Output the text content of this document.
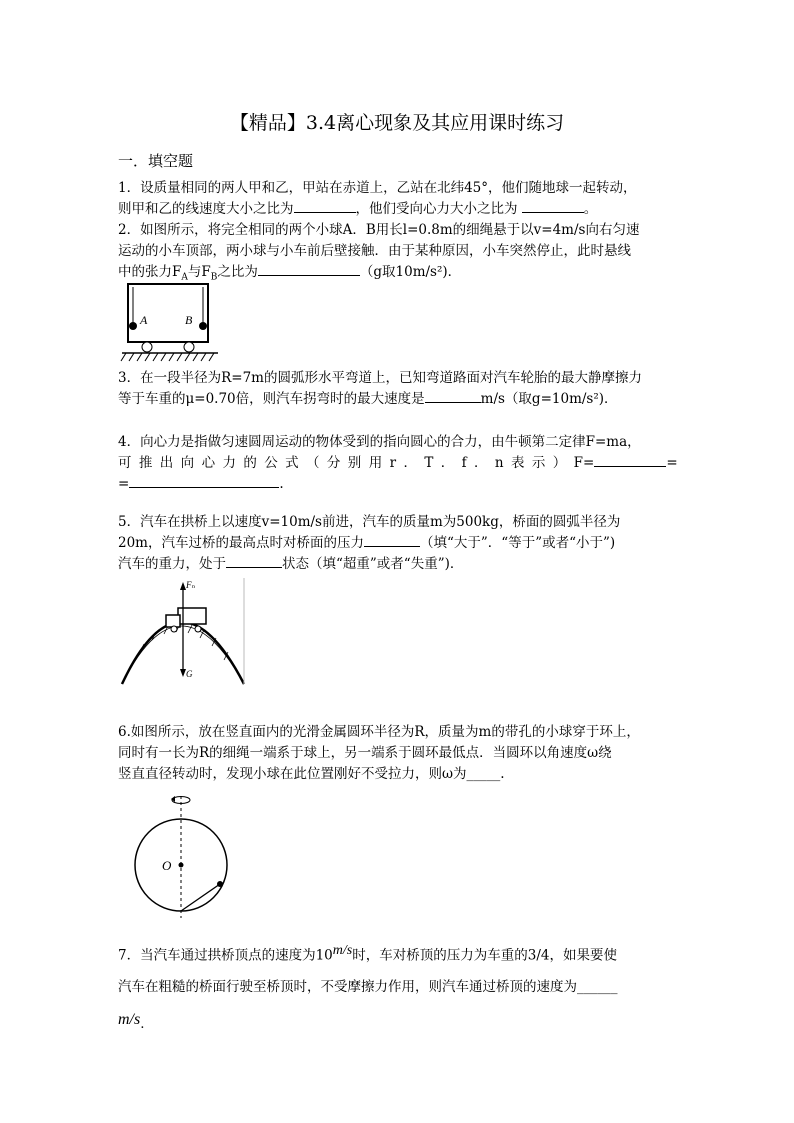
【精品】3.4离心现象及其应用课时练习
一．填空题
1．设质量相同的两人甲和乙，甲站在赤道上，乙站在北纬45°，他们随地球一起转动，
则甲和乙的线速度大小之比为	，他们受向心力大小之比为	。
2．如图所示，将完全相同的两个小球A．B用长l=0.8m的细绳悬于以v=4m/s向右匀速
运动的小车顶部，两小球与小车前后壁接触．由于某种原因，小车突然停止，此时悬线
中的张力$F_A$与$F_B$之比为	（g取10m/s²)．
A	B
3．在一段半径为R=7m的圆弧形水平弯道上，已知弯道路面对汽车轮胎的最大静摩擦力
等于车重的μ=0.70倍，则汽车拐弯时的最大速度是	m/s（取g=10m/s²)．
4．向心力是指做匀速圆周运动的物体受到的指向圆心的合力，由牛顿第二定律F=ma，
可 推 出 向 心 力 的 公 式 （ 分 别 用 r ． T ． f ． n 表 示 ） F=	=
=	.
5．汽车在拱桥上以速度v=10m/s前进，汽车的质量m为500kg，桥面的圆弧半径为
20m，汽车过桥的最高点时对桥面的压力	（填“大于”．“等于”或者“小于”)
汽车的重力，处于	状态（填“超重”或者“失重”)．
Fₙ
G
6.如图所示，放在竖直面内的光滑金属圆环半径为R，质量为m的带孔的小球穿于环上，
同时有一长为R的细绳一端系于球上，另一端系于圆环最低点．当圆环以角速度ω绕
竖直直径转动时，发现小球在此位置刚好不受拉力，则ω为_____.
O
7．当汽车通过拱桥顶点的速度为$10^{m/s}$时，车对桥顶的压力为车重的3/4，如果要使
汽车在粗糙的桥面行驶至桥顶时，不受摩擦力作用，则汽车通过桥顶的速度为______
$m/s_.$
